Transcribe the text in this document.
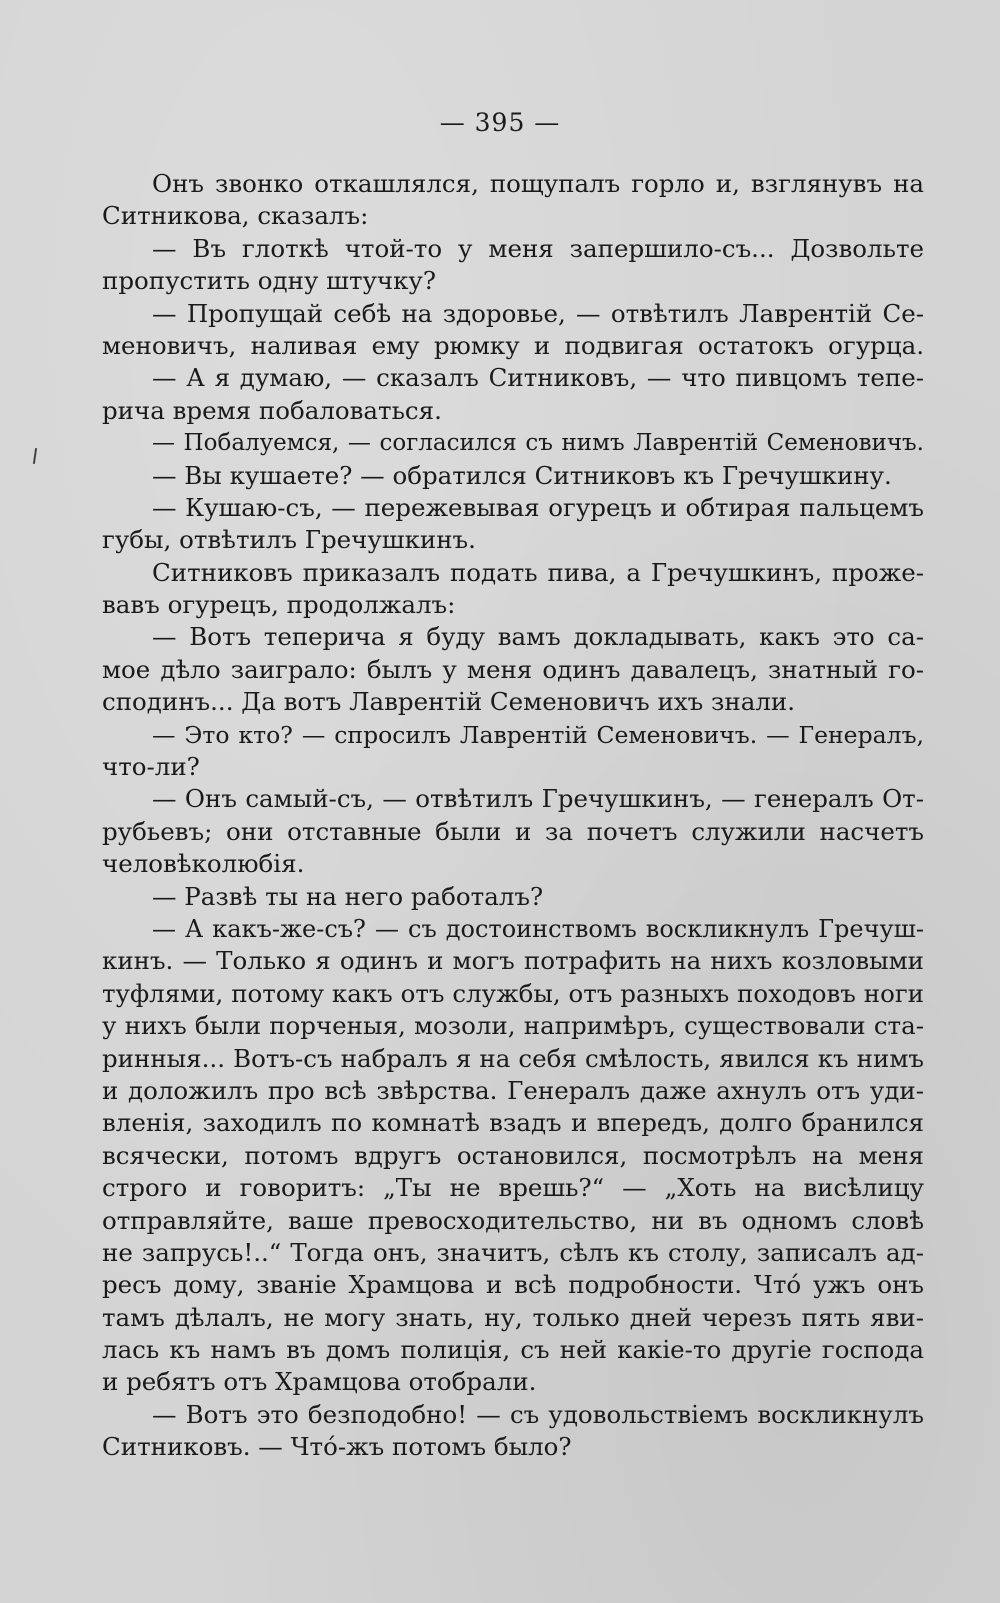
— 395 —
Онъ звонко откашлялся, пощупалъ горло и, взглянувъ на
Ситникова, сказалъ:
— Въ глоткѣ чтой-то у меня запершило-съ... Дозвольте
пропустить одну штучку?
— Пропущай себѣ на здоровье, — отвѣтилъ Лаврентій Се-
меновичъ, наливая ему рюмку и подвигая остатокъ огурца.
— А я думаю, — сказалъ Ситниковъ, — что пивцомъ тепе-
рича время побаловаться.
— Побалуемся, — согласился съ нимъ Лаврентій Семеновичъ.
— Вы кушаете? — обратился Ситниковъ къ Гречушкину.
— Кушаю-съ, — пережевывая огурецъ и обтирая пальцемъ
губы, отвѣтилъ Гречушкинъ.
Ситниковъ приказалъ подать пива, а Гречушкинъ, проже-
вавъ огурецъ, продолжалъ:
— Вотъ теперича я буду вамъ докладывать, какъ это са-
мое дѣло заиграло: былъ у меня одинъ давалецъ, знатный го-
сподинъ... Да вотъ Лаврентій Семеновичъ ихъ знали.
— Это кто? — спросилъ Лаврентій Семеновичъ. — Генералъ,
что-ли?
— Онъ самый-съ, — отвѣтилъ Гречушкинъ, — генералъ От-
рубьевъ; они отставные были и за почетъ служили насчетъ
человѣколюбія.
— Развѣ ты на него работалъ?
— А какъ-же-съ? — съ достоинствомъ воскликнулъ Гречуш-
кинъ. — Только я одинъ и могъ потрафить на нихъ козловыми
туфлями, потому какъ отъ службы, отъ разныхъ походовъ ноги
у нихъ были порченыя, мозоли, напримѣръ, существовали ста-
ринныя... Вотъ-съ набралъ я на себя смѣлость, явился къ нимъ
и доложилъ про всѣ звѣрства. Генералъ даже ахнулъ отъ уди-
вленія, заходилъ по комнатѣ взадъ и впередъ, долго бранился
всячески, потомъ вдругъ остановился, посмотрѣлъ на меня
строго и говоритъ: „Ты не врешь?“ — „Хоть на висѣлицу
отправляйте, ваше превосходительство, ни въ одномъ словѣ
не запрусь!..“ Тогда онъ, значитъ, сѣлъ къ столу, записалъ ад-
ресъ дому, званіе Храмцова и всѣ подробности. Что́ ужъ онъ
тамъ дѣлалъ, не могу знать, ну, только дней черезъ пять яви-
лась къ намъ въ домъ полиція, съ ней какіе-то другіе господа
и ребятъ отъ Храмцова отобрали.
— Вотъ это безподобно! — съ удовольствіемъ воскликнулъ
Ситниковъ. — Что́-жъ потомъ было?
